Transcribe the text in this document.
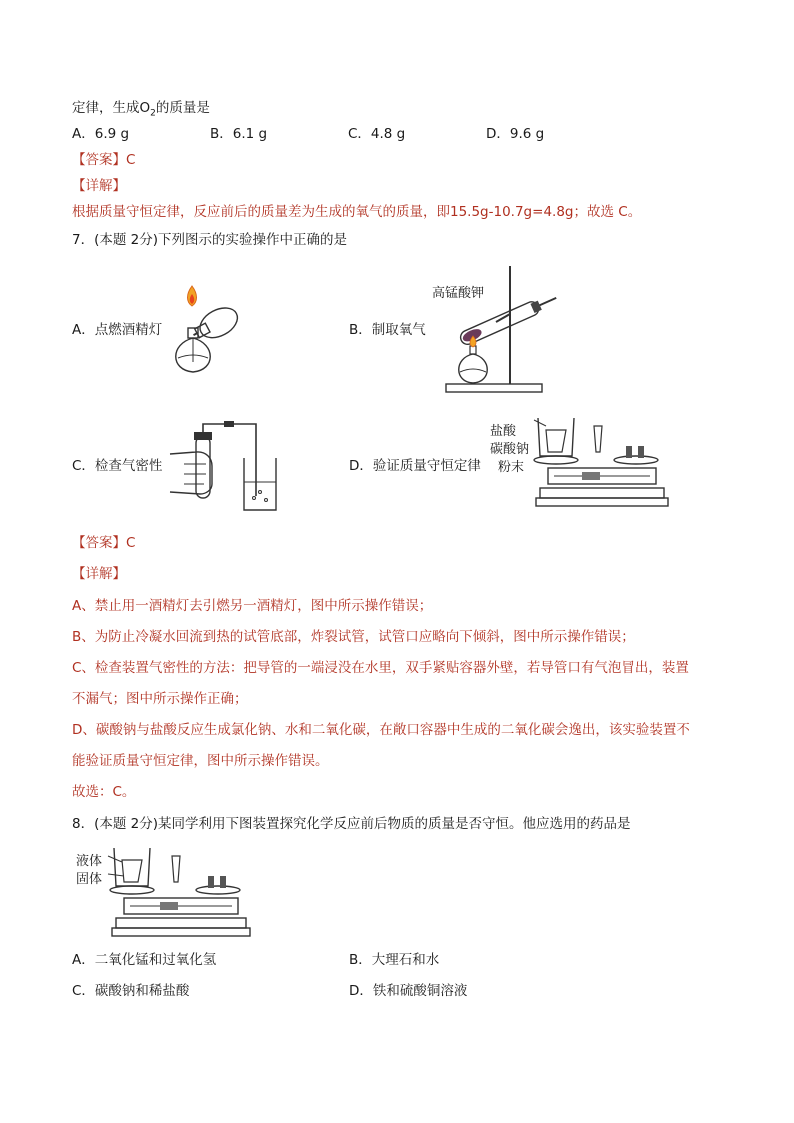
定律，生成$O_2$的质量是
A．6.9 g	B．6.1 g	C．4.8 g	D．9.6 g
【答案】C
【详解】
根据质量守恒定律，反应前后的质量差为生成的氧气的质量，即15.5g-10.7g=4.8g；故选 C。
7．(本题 2分)下列图示的实验操作中正确的是
A．点燃酒精灯
高锰酸钾
B．制取氧气
C．检查气密性
盐酸
碳酸钠
粉末
D．验证质量守恒定律
【答案】C
【详解】
A、禁止用一酒精灯去引燃另一酒精灯，图中所示操作错误；
B、为防止冷凝水回流到热的试管底部，炸裂试管，试管口应略向下倾斜，图中所示操作错误；
C、检查装置气密性的方法：把导管的一端浸没在水里，双手紧贴容器外壁，若导管口有气泡冒出，装置
不漏气；图中所示操作正确；
D、碳酸钠与盐酸反应生成氯化钠、水和二氧化碳，在敞口容器中生成的二氧化碳会逸出，该实验装置不
能验证质量守恒定律，图中所示操作错误。
故选：C。
8．(本题 2分)某同学利用下图装置探究化学反应前后物质的质量是否守恒。他应选用的药品是
液体
固体
A．二氧化锰和过氧化氢	B．大理石和水
C．碳酸钠和稀盐酸	D．铁和硫酸铜溶液
